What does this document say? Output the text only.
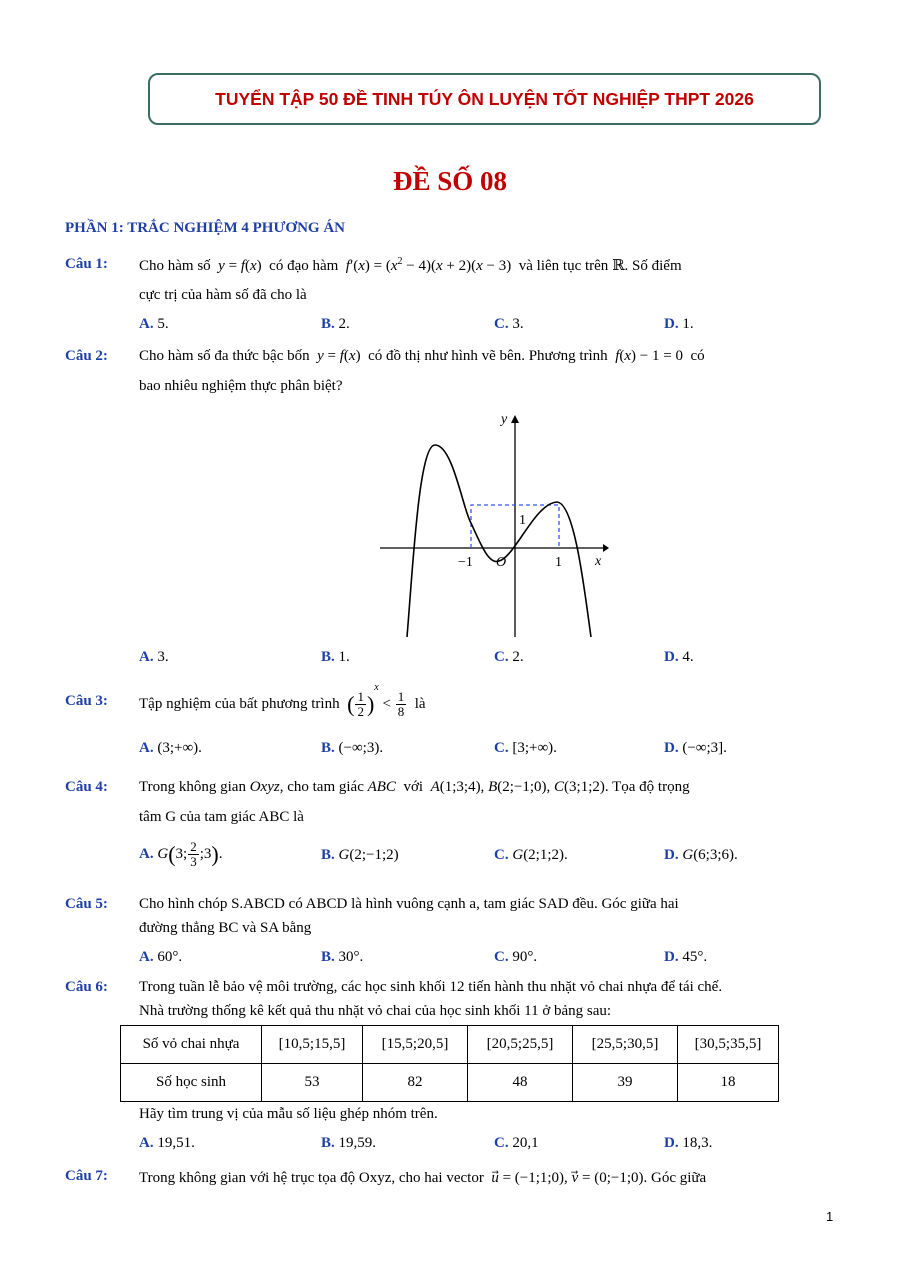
TUYỂN TẬP 50 ĐỀ TINH TÚY ÔN LUYỆN TỐT NGHIỆP THPT 2026
ĐỀ SỐ 08
PHẦN 1: TRẮC NGHIỆM 4 PHƯƠNG ÁN
Câu 1: Cho hàm số y = f(x)  có đạo hàm $f'(x) = (x^2 - 4)(x + 2)(x - 3)$  và liên tục trên ℝ. Số điểm
cực trị của hàm số đã cho là
A. 5.	B. 2.	C. 3.	D. 1.
Câu 2: Cho hàm số đa thức bậc bốn y = f(x)  có đồ thị như hình vẽ bên. Phương trình f(x) − 1 = 0  có
bao nhiêu nghiệm thực phân biệt?
y
x
O
−1	1
1
A. 3.	B. 1.	C. 2.	D. 4.
Câu 3: Tập nghiệm của bất phương trình ( $\frac{1}{2} )^x < \frac{1}{8}$ là
A. (3;+∞).	B. (−∞;3).	C. [3;+∞).	D. (−∞;3].
Câu 4: Trong không gian Oxyz, cho tam giác ABC với A(1;3;4), B(2;−1;0), C(3;1;2). Tọa độ trọng
tâm G của tam giác ABC là
A. G(3; $\frac{2}{3}$ ;3).	B. G(2;−1;2)	C. G(2;1;2).	D. G(6;3;6).
Câu 5: Cho hình chóp S.ABCD có ABCD là hình vuông cạnh a, tam giác SAD đều. Góc giữa hai
đường thẳng BC và SA bằng
A. 60°.	B. 30°.	C. 90°.	D. 45°.
Câu 6: Trong tuần lễ bảo vệ môi trường, các học sinh khối 12 tiến hành thu nhặt vỏ chai nhựa để tái chế.
Nhà trường thống kê kết quả thu nhặt vỏ chai của học sinh khối 11 ở bảng sau:
Số vỏ chai nhựa	[10,5;15,5]	[15,5;20,5]	[20,5;25,5]	[25,5;30,5]	[30,5;35,5]
Số học sinh	53	82	48	39	18
Hãy tìm trung vị của mẫu số liệu ghép nhóm trên.
A. 19,51.	B. 19,59.	C. 20,1	D. 18,3.
Câu 7: Trong không gian với hệ trục tọa độ Oxyz, cho hai vector u⃗ = (−1;1;0), v⃗ = (0;−1;0). Góc giữa
1
